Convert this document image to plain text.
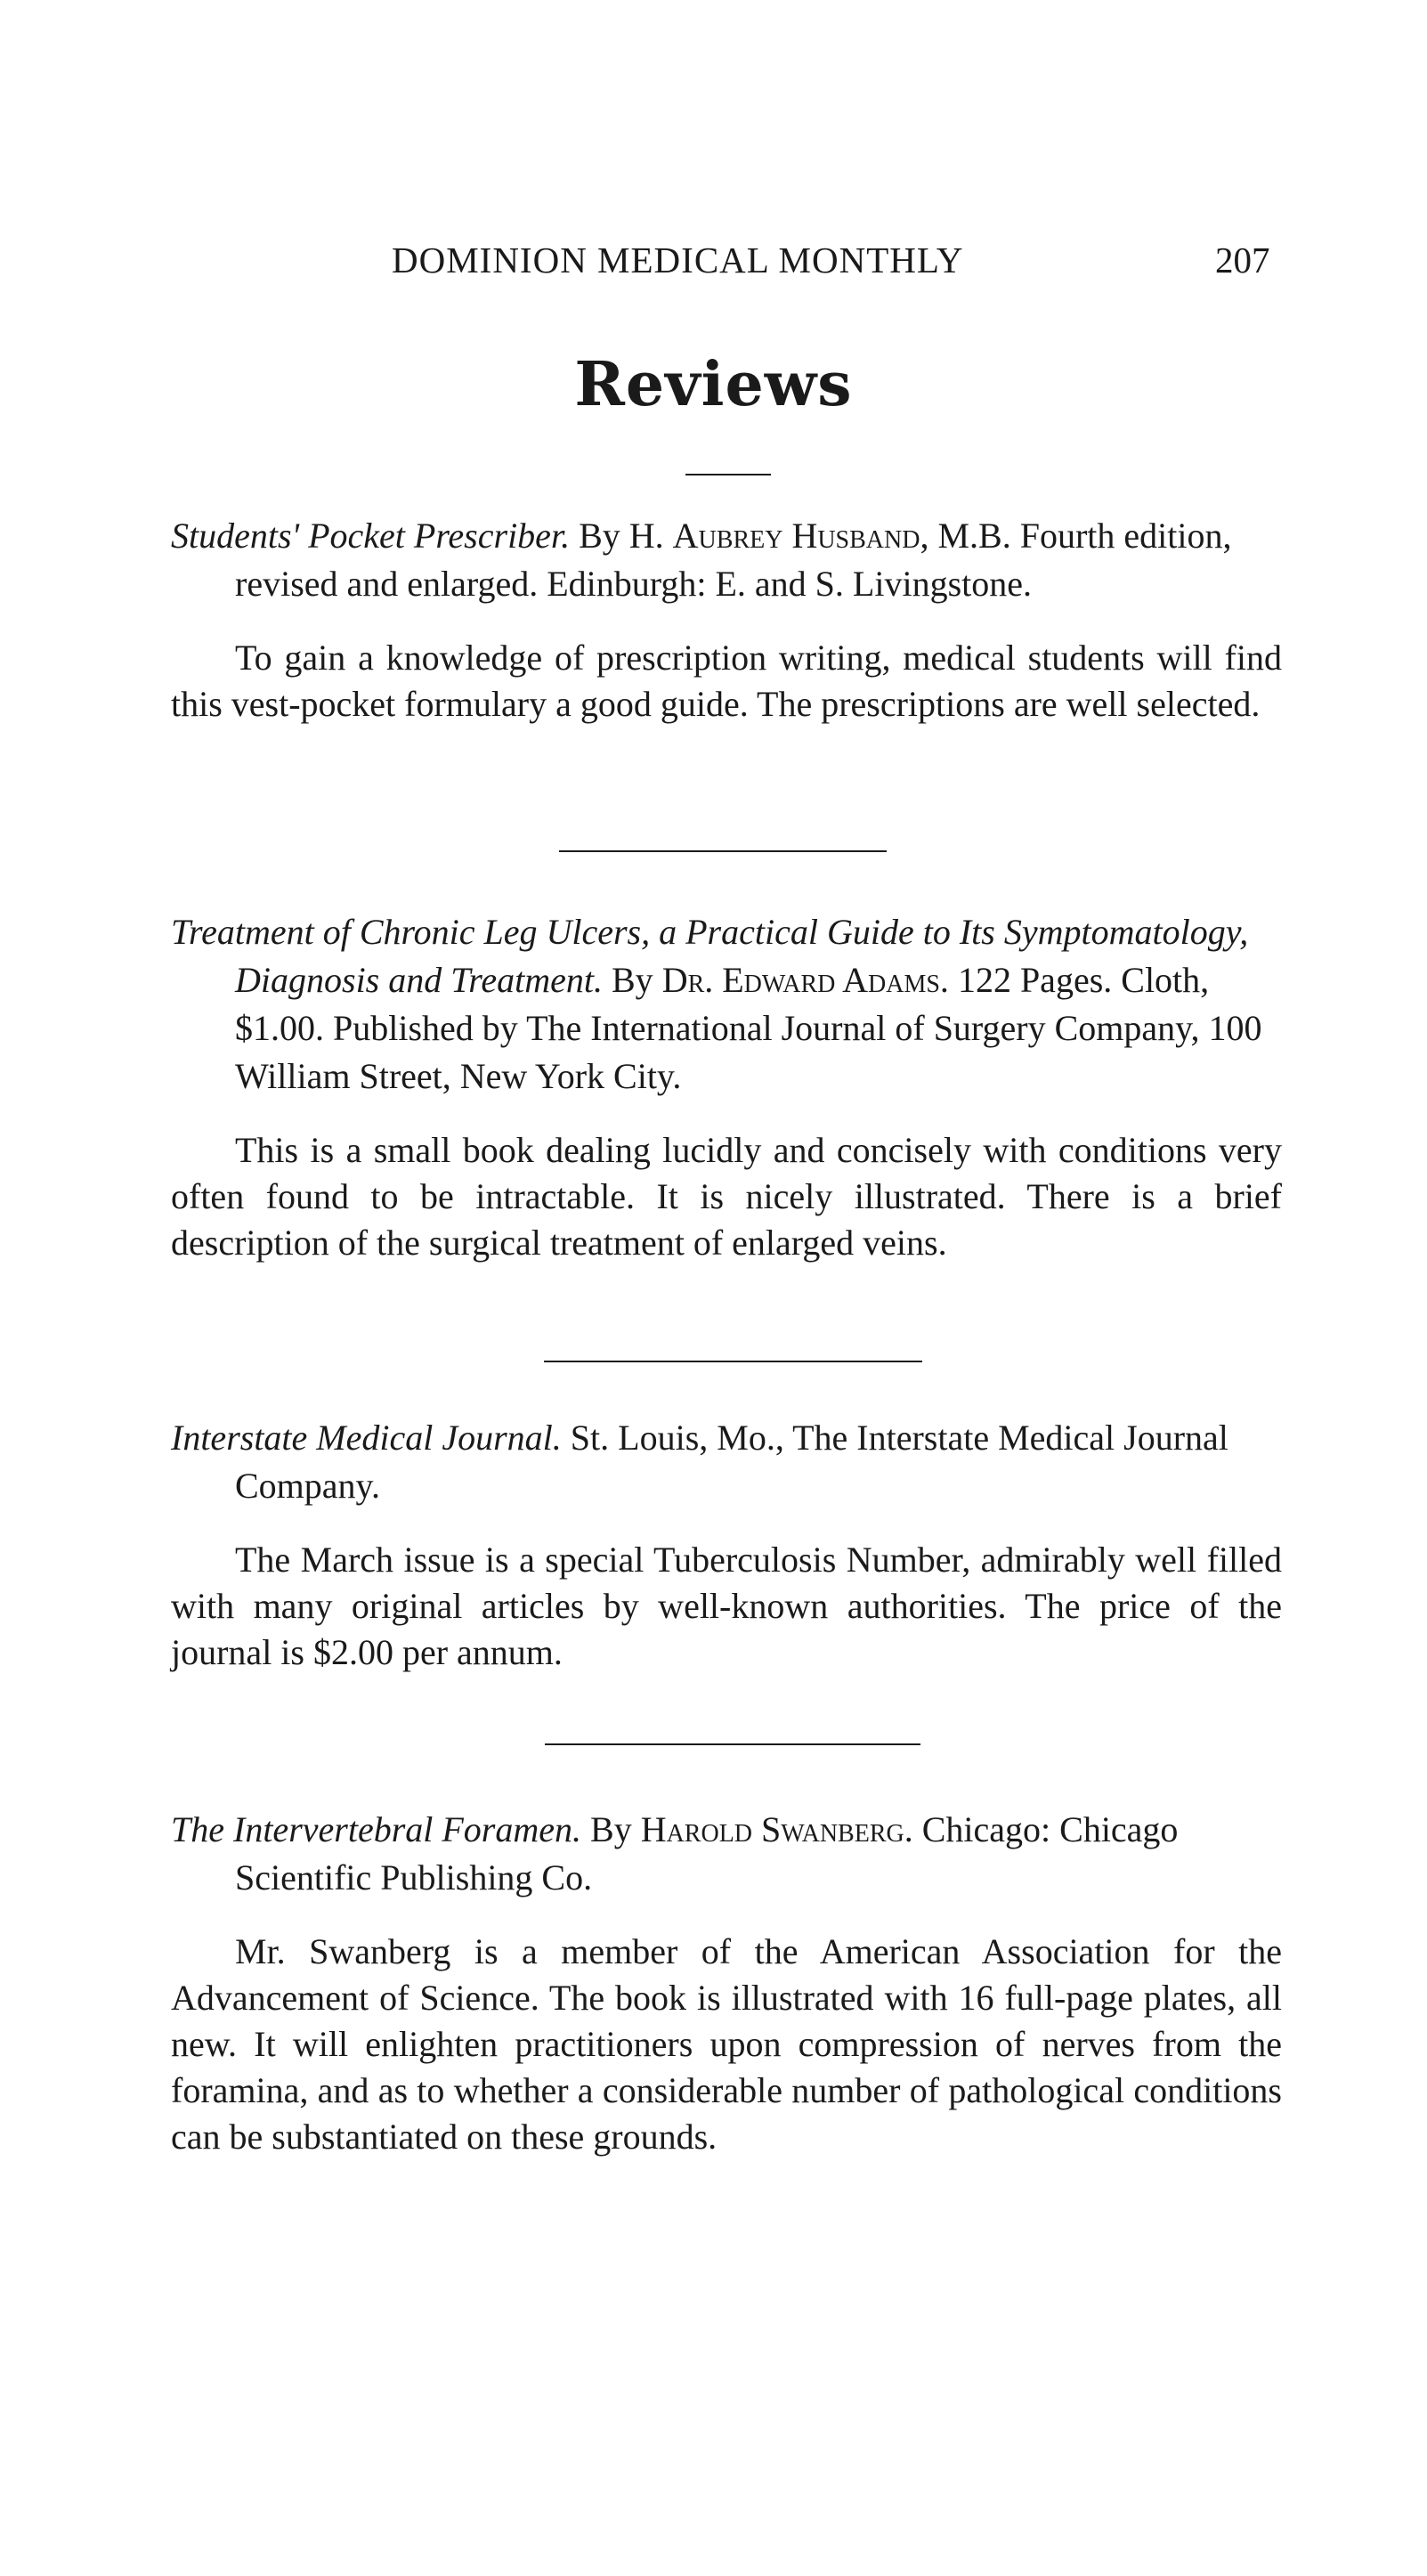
DOMINION MEDICAL MONTHLY	207
Reviews

Students' Pocket Prescriber. By H. Aubrey Husband, M.B. Fourth edition, revised and enlarged. Edinburgh: E. and S. Livingstone.

To gain a knowledge of prescription writing, medical students will find this vest-pocket formulary a good guide. The prescriptions are well selected.

Treatment of Chronic Leg Ulcers, a Practical Guide to Its Symptomatology, Diagnosis and Treatment. By Dr. Edward Adams. 122 Pages. Cloth, $1.00. Published by The International Journal of Surgery Company, 100 William Street, New York City.

This is a small book dealing lucidly and concisely with conditions very often found to be intractable. It is nicely illustrated. There is a brief description of the surgical treatment of enlarged veins.

Interstate Medical Journal. St. Louis, Mo., The Interstate Medical Journal Company.

The March issue is a special Tuberculosis Number, admirably well filled with many original articles by well-known authorities. The price of the journal is $2.00 per annum.

The Intervertebral Foramen. By Harold Swanberg. Chicago: Chicago Scientific Publishing Co.

Mr. Swanberg is a member of the American Association for the Advancement of Science. The book is illustrated with 16 full-page plates, all new. It will enlighten practitioners upon compression of nerves from the foramina, and as to whether a considerable number of pathological conditions can be substantiated on these grounds.
